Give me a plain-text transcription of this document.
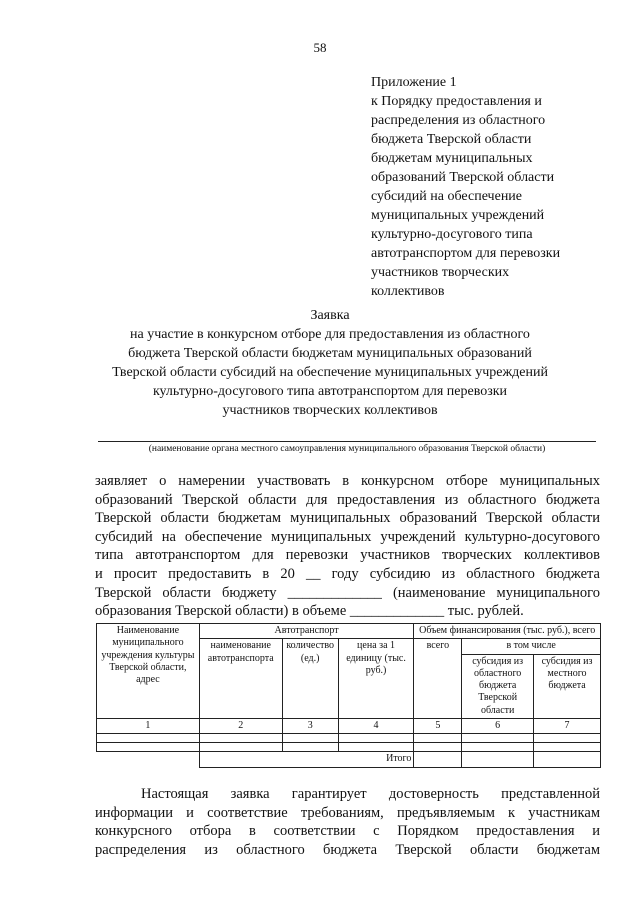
58
Приложение 1
к Порядку предоставления и
распределения из областного
бюджета Тверской области
бюджетам муниципальных
образований Тверской области
субсидий на обеспечение
муниципальных учреждений
культурно-досугового типа
автотранспортом для перевозки
участников творческих
коллективов
Заявка
на участие в конкурсном отборе для предоставления из областного
бюджета Тверской области бюджетам муниципальных образований
Тверской области субсидий на обеспечение муниципальных учреждений
культурно-досугового типа автотранспортом для перевозки
участников творческих коллективов
(наименование органа местного самоуправления муниципального образования Тверской области)
заявляет о намерении участвовать в конкурсном отборе муниципальных
образований Тверской области для предоставления из областного бюджета
Тверской области бюджетам муниципальных образований Тверской области
субсидий на обеспечение муниципальных учреждений культурно-досугового
типа автотранспортом для перевозки участников творческих коллективов
и просит предоставить в 20 __ году субсидию из областного бюджета
Тверской области бюджету _____________ (наименование муниципального
образования Тверской области) в объеме _____________ тыс. рублей.
Наименование муниципального учреждения культуры Тверской области, адрес	Автотранспорт			Объем финансирования (тыс. руб.), всего		
	наименование автотранспорта	количество (ед.)	цена за 1 единицу (тыс. руб.)	всего	в том числе	
					субсидия из областного бюджета Тверской области	субсидия из местного бюджета
1	2	3	4	5	6	7

	Итого					
Настоящая заявка гарантирует достоверность представленной
информации и соответствие требованиям, предъявляемым к участникам
конкурсного отбора в соответствии с Порядком предоставления и
распределения из областного бюджета Тверской области бюджетам
